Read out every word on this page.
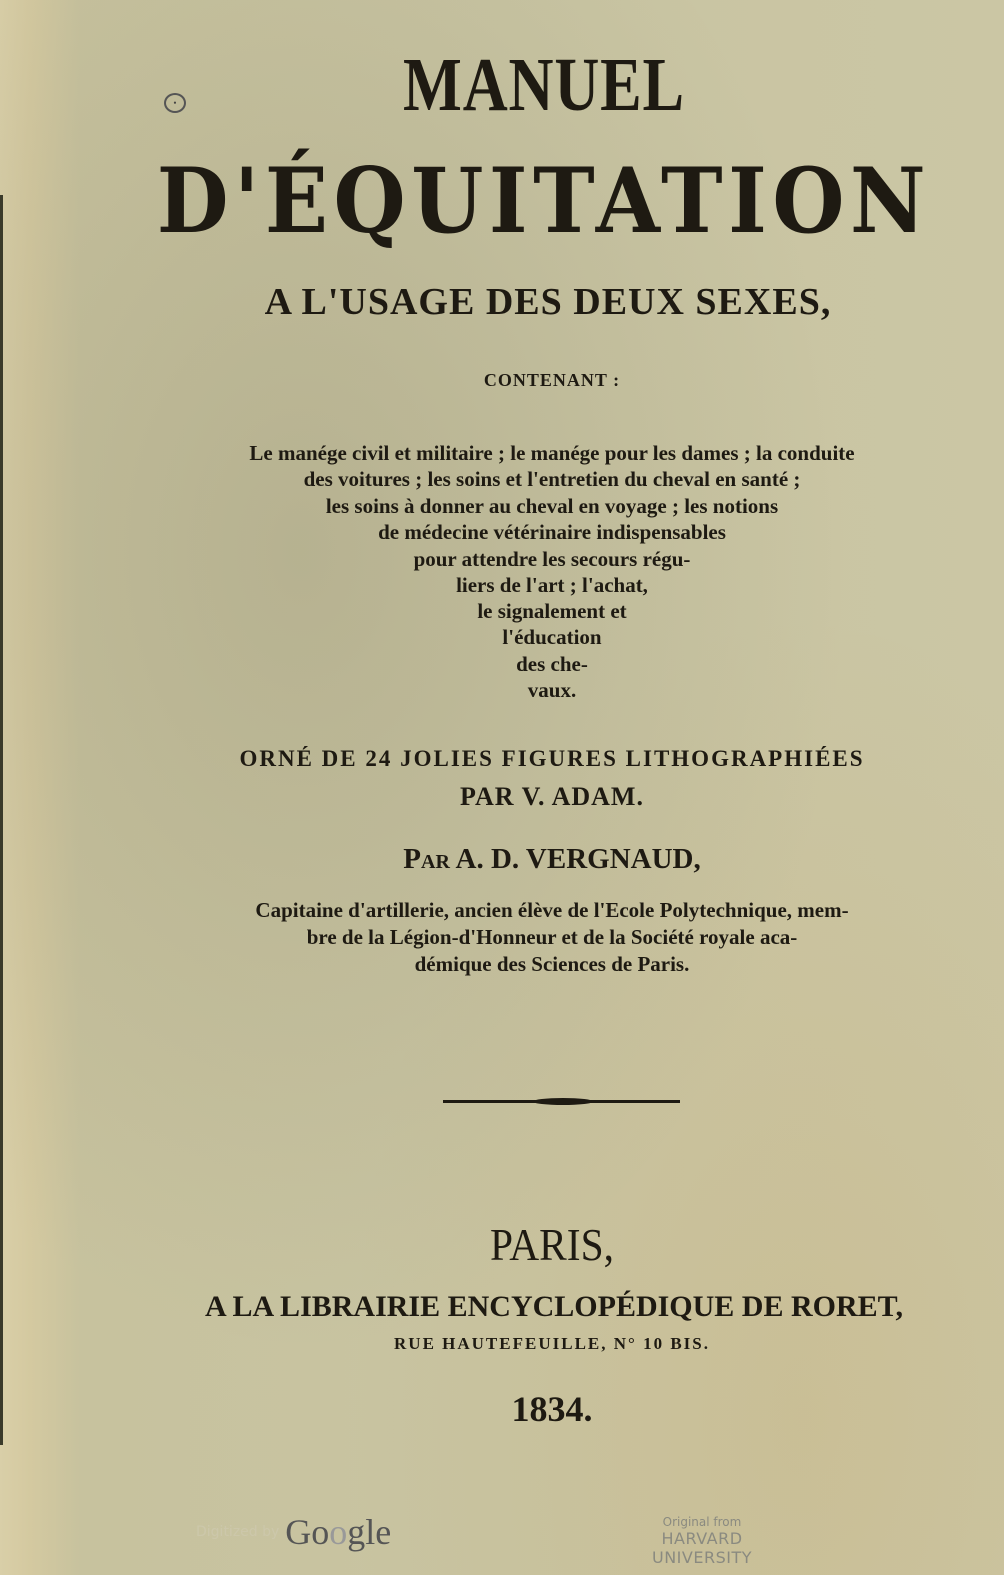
•	MANUEL
D'ÉQUITATION
A L'USAGE DES DEUX SEXES,
CONTENANT :
Le manége civil et militaire ; le manége pour les dames ; la conduite
des voitures ; les soins et l'entretien du cheval en santé ;
les soins à donner au cheval en voyage ; les notions
de médecine vétérinaire indispensables
pour attendre les secours régu-
liers de l'art ; l'achat,
le signalement et
l'éducation
des che-
vaux.
ORNÉ DE 24 JOLIES FIGURES LITHOGRAPHIÉES
PAR V. ADAM.
Par A. D. VERGNAUD,
Capitaine d'artillerie, ancien élève de l'Ecole Polytechnique, mem-
bre de la Légion-d'Honneur et de la Société royale aca-
démique des Sciences de Paris.
PARIS,
A LA LIBRAIRIE ENCYCLOPÉDIQUE DE RORET,
RUE HAUTEFEUILLE, N° 10 BIS.
1834.
Digitized by Google	Original from
HARVARD UNIVERSITY
